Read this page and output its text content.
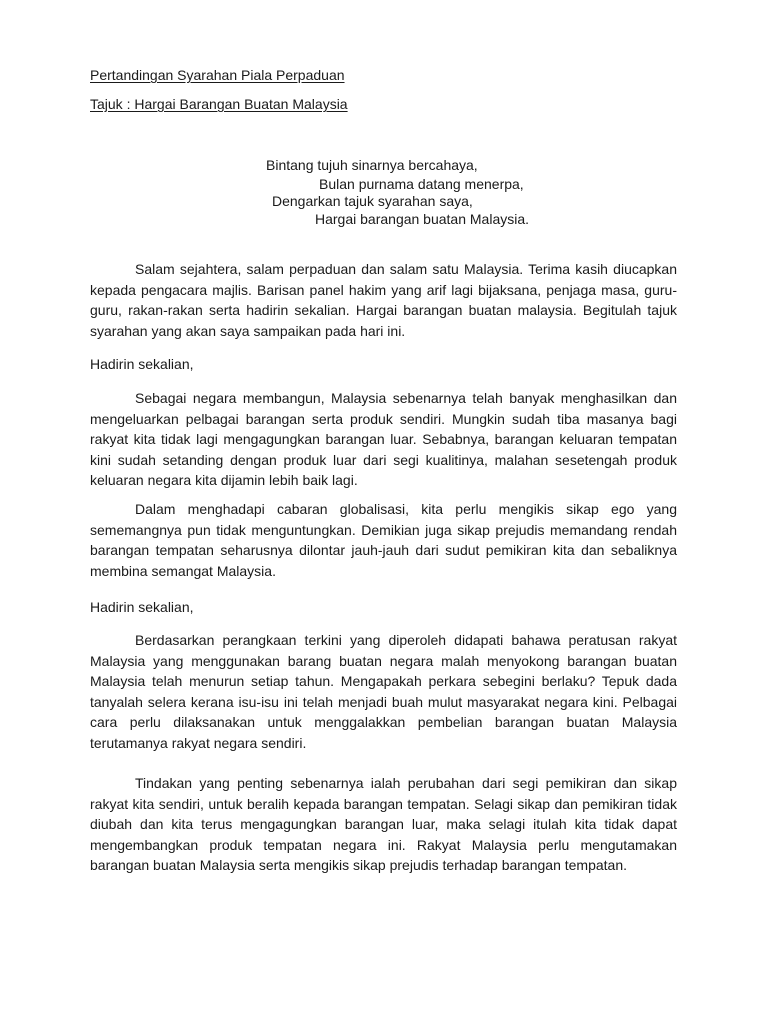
Pertandingan Syarahan Piala Perpaduan

Tajuk : Hargai Barangan Buatan Malaysia

Bintang tujuh sinarnya bercahaya,

Bulan purnama datang menerpa,

Dengarkan tajuk syarahan saya,

Hargai barangan buatan Malaysia.

Salam sejahtera, salam perpaduan dan salam satu Malaysia. Terima kasih diucapkan kepada pengacara majlis. Barisan panel hakim yang arif lagi bijaksana, penjaga masa, guru-guru, rakan-rakan serta hadirin sekalian. Hargai barangan buatan malaysia. Begitulah tajuk syarahan yang akan saya sampaikan pada hari ini.

Hadirin sekalian,

Sebagai negara membangun, Malaysia sebenarnya telah banyak menghasilkan dan mengeluarkan pelbagai barangan serta produk sendiri. Mungkin sudah tiba masanya bagi rakyat kita tidak lagi mengagungkan barangan luar. Sebabnya, barangan keluaran tempatan kini sudah setanding dengan produk luar dari segi kualitinya, malahan sesetengah produk keluaran negara kita dijamin lebih baik lagi.

Dalam menghadapi cabaran globalisasi, kita perlu mengikis sikap ego yang sememangnya pun tidak menguntungkan. Demikian juga sikap prejudis memandang rendah barangan tempatan seharusnya dilontar jauh-jauh dari sudut pemikiran kita dan sebaliknya membina semangat Malaysia.

Hadirin sekalian,

Berdasarkan perangkaan terkini yang diperoleh didapati bahawa peratusan rakyat Malaysia yang menggunakan barang buatan negara malah menyokong barangan buatan Malaysia telah menurun setiap tahun. Mengapakah perkara sebegini berlaku? Tepuk dada tanyalah selera kerana isu-isu ini telah menjadi buah mulut masyarakat negara kini. Pelbagai cara perlu dilaksanakan untuk menggalakkan pembelian barangan buatan Malaysia terutamanya rakyat negara sendiri.

Tindakan yang penting sebenarnya ialah perubahan dari segi pemikiran dan sikap rakyat kita sendiri, untuk beralih kepada barangan tempatan. Selagi sikap dan pemikiran tidak diubah dan kita terus mengagungkan barangan luar, maka selagi itulah kita tidak dapat mengembangkan produk tempatan negara ini. Rakyat Malaysia perlu mengutamakan barangan buatan Malaysia serta mengikis sikap prejudis terhadap barangan tempatan.
